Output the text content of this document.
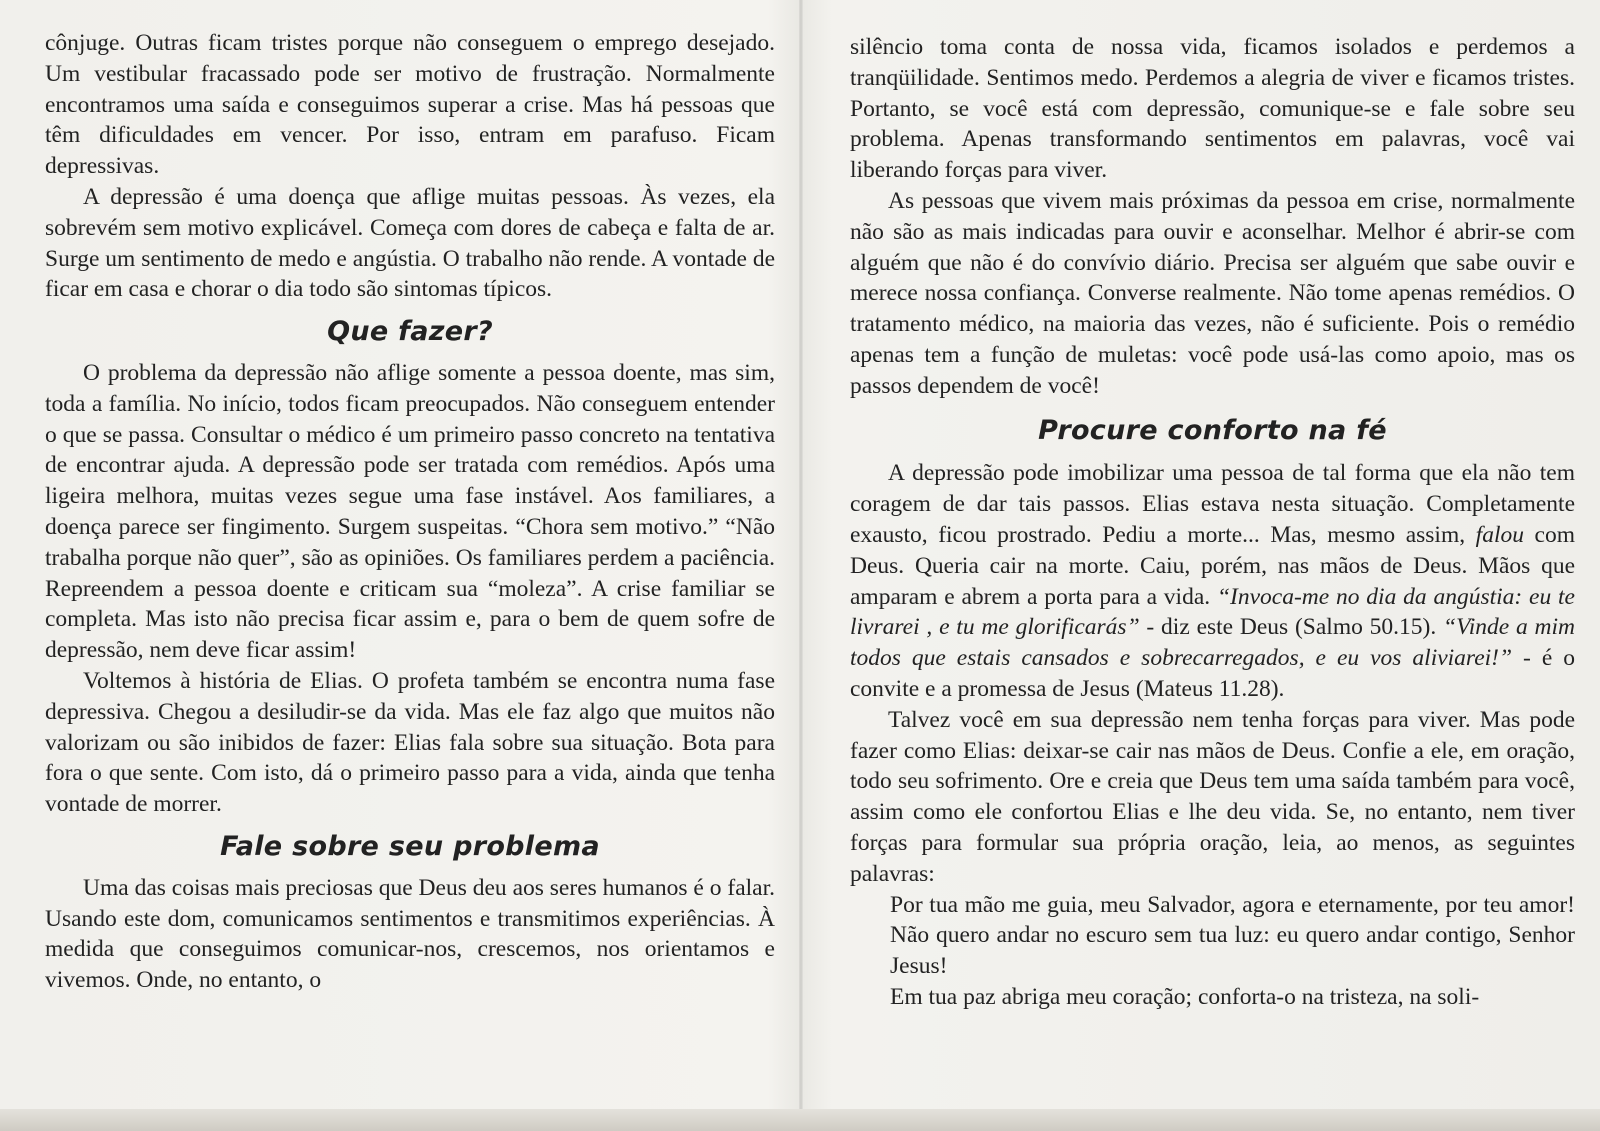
cônjuge. Outras ficam tristes porque não conseguem o emprego desejado. Um vestibular fracassado pode ser motivo de frustração. Normalmente encontramos uma saída e conseguimos superar a crise. Mas há pessoas que têm dificuldades em vencer. Por isso, entram em parafuso. Ficam depressivas.

A depressão é uma doença que aflige muitas pessoas. Às vezes, ela sobrevém sem motivo explicável. Começa com dores de cabeça e falta de ar. Surge um sentimento de medo e angústia. O trabalho não rende. A vontade de ficar em casa e chorar o dia todo são sintomas típicos.

Que fazer?

O problema da depressão não aflige somente a pessoa doente, mas sim, toda a família. No início, todos ficam preocupados. Não conseguem entender o que se passa. Consultar o médico é um primeiro passo concreto na tentativa de encontrar ajuda. A depressão pode ser tratada com remédios. Após uma ligeira melhora, muitas vezes segue uma fase instável. Aos familiares, a doença parece ser fingimento. Surgem suspeitas. “Chora sem motivo.” “Não trabalha porque não quer”, são as opiniões. Os familiares perdem a paciência. Repreendem a pessoa doente e criticam sua “moleza”. A crise familiar se completa. Mas isto não precisa ficar assim e, para o bem de quem sofre de depressão, nem deve ficar assim!

Voltemos à história de Elias. O profeta também se encontra numa fase depressiva. Chegou a desiludir-se da vida. Mas ele faz algo que muitos não valorizam ou são inibidos de fazer: Elias fala sobre sua situação. Bota para fora o que sente. Com isto, dá o primeiro passo para a vida, ainda que tenha vontade de morrer.

Fale sobre seu problema

Uma das coisas mais preciosas que Deus deu aos seres humanos é o falar. Usando este dom, comunicamos sentimentos e transmitimos experiências. À medida que conseguimos comunicar-nos, crescemos, nos orientamos e vivemos. Onde, no entanto, o

silêncio toma conta de nossa vida, ficamos isolados e perdemos a tranqüilidade. Sentimos medo. Perdemos a alegria de viver e ficamos tristes. Portanto, se você está com depressão, comunique-se e fale sobre seu problema. Apenas transformando sentimentos em palavras, você vai liberando forças para viver.

As pessoas que vivem mais próximas da pessoa em crise, normalmente não são as mais indicadas para ouvir e aconselhar. Melhor é abrir-se com alguém que não é do convívio diário. Precisa ser alguém que sabe ouvir e merece nossa confiança. Converse realmente. Não tome apenas remédios. O tratamento médico, na maioria das vezes, não é suficiente. Pois o remédio apenas tem a função de muletas: você pode usá-las como apoio, mas os passos dependem de você!

Procure conforto na fé

A depressão pode imobilizar uma pessoa de tal forma que ela não tem coragem de dar tais passos. Elias estava nesta situação. Completamente exausto, ficou prostrado. Pediu a morte... Mas, mesmo assim, falou com Deus. Queria cair na morte. Caiu, porém, nas mãos de Deus. Mãos que amparam e abrem a porta para a vida. “Invoca-me no dia da angústia: eu te livrarei , e tu me glorificarás” - diz este Deus (Salmo 50.15). “Vinde a mim todos que estais cansados e sobrecarregados, e eu vos aliviarei!” - é o convite e a promessa de Jesus (Mateus 11.28).

Talvez você em sua depressão nem tenha forças para viver. Mas pode fazer como Elias: deixar-se cair nas mãos de Deus. Confie a ele, em oração, todo seu sofrimento. Ore e creia que Deus tem uma saída também para você, assim como ele confortou Elias e lhe deu vida. Se, no entanto, nem tiver forças para formular sua própria oração, leia, ao menos, as seguintes palavras:

Por tua mão me guia, meu Salvador, agora e eternamente, por teu amor! Não quero andar no escuro sem tua luz: eu quero andar contigo, Senhor Jesus!

Em tua paz abriga meu coração; conforta-o na tristeza, na soli-
